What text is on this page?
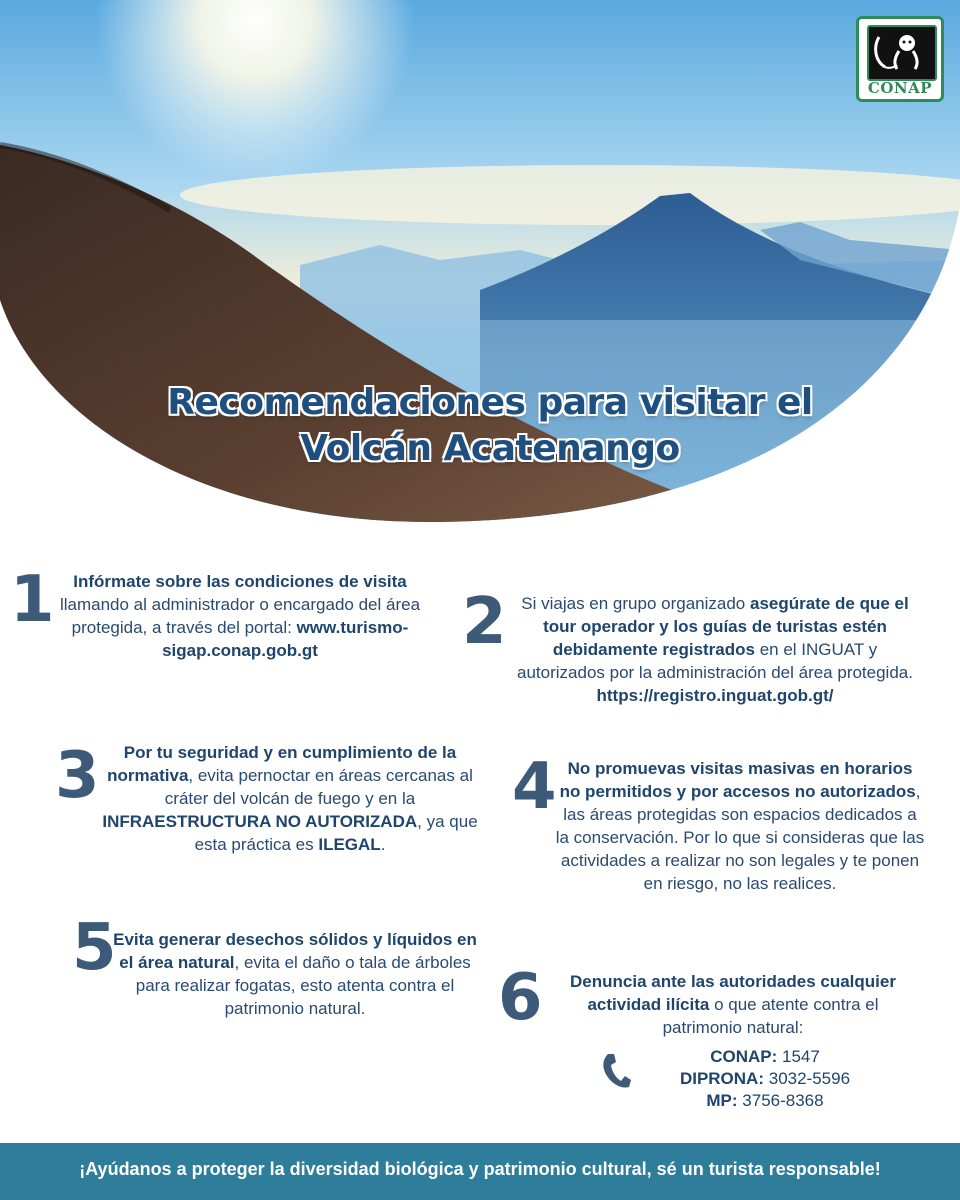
CONAP
Recomendaciones para visitar el
Volcán Acatenango
1	Infórmate sobre las condiciones de visita llamando al administrador o encargado del área protegida, a través del portal: www.turismo-sigap.conap.gob.gt	2 Si viajas en grupo organizado asegúrate de que el tour operador y los guías de turistas estén debidamente registrados en el INGUAT y autorizados por la administración del área protegida. https://registro.inguat.gob.gt/
3	Por tu seguridad y en cumplimiento de la normativa, evita pernoctar en áreas cercanas al cráter del volcán de fuego y en la INFRAESTRUCTURA NO AUTORIZADA, ya que esta práctica es ILEGAL.
4 No promuevas visitas masivas en horarios no permitidos y por accesos no autorizados, las áreas protegidas son espacios dedicados a la conservación. Por lo que si consideras que las actividades a realizar no son legales y te ponen en riesgo, no las realices.
5
Evita generar desechos sólidos y líquidos en el área natural, evita el daño o tala de árboles para realizar fogatas, esto atenta contra el patrimonio natural.	6	Denuncia ante las autoridades cualquier actividad ilícita o que atente contra el patrimonio natural:
CONAP: 1547
DIPRONA: 3032-5596
MP: 3756-8368
¡Ayúdanos a proteger la diversidad biológica y patrimonio cultural, sé un turista responsable!
